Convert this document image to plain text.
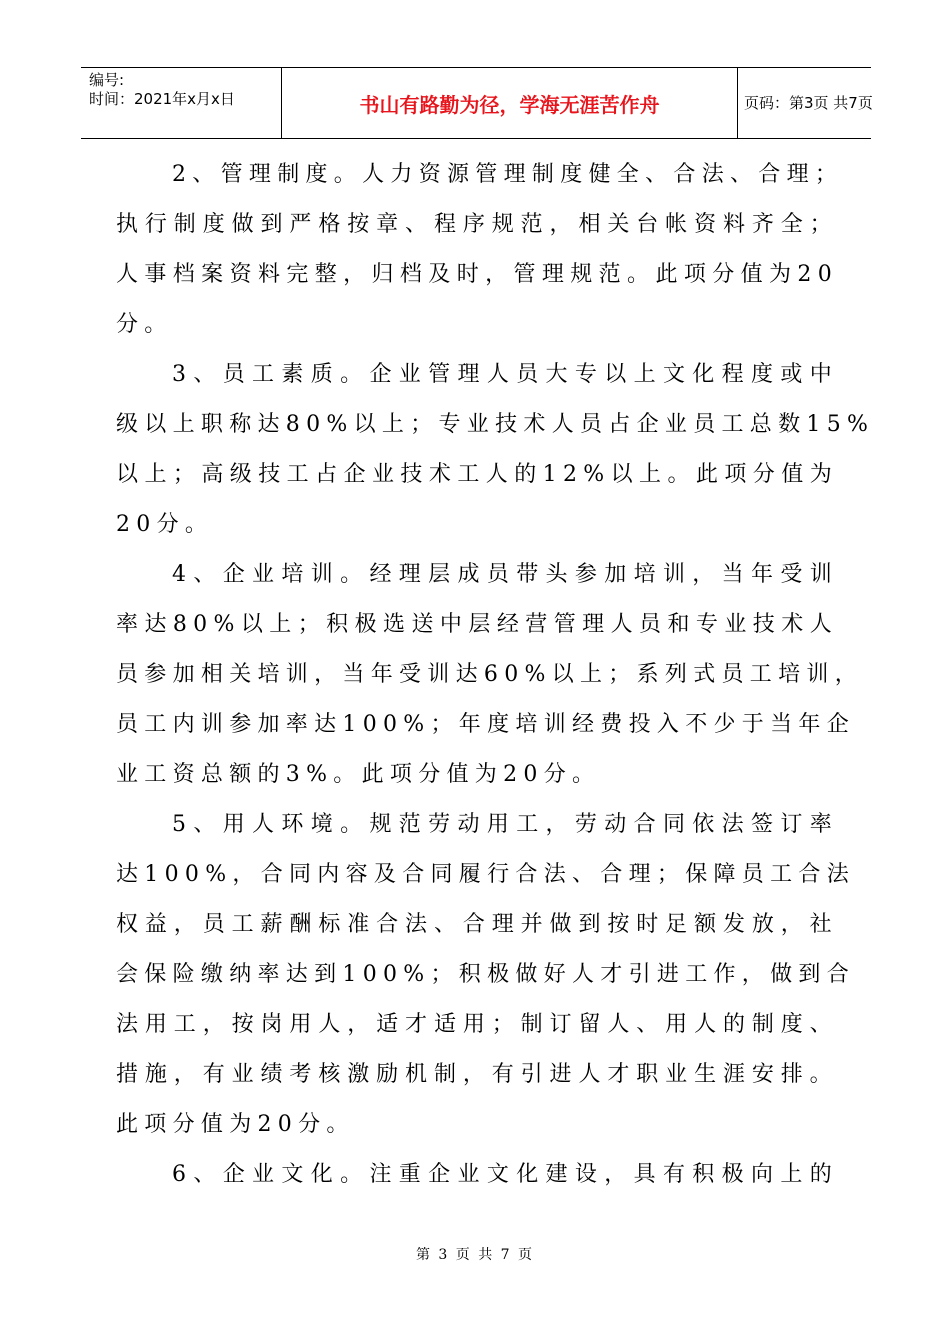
编号:
时间：2021年x月x日	书山有路勤为径，学海无涯苦作舟	页码：第3页 共7页
2、管理制度。人力资源管理制度健全、合法、合理；
执行制度做到严格按章、程序规范，相关台帐资料齐全；
人事档案资料完整，归档及时，管理规范。此项分值为20
分。
3、员工素质。企业管理人员大专以上文化程度或中
级以上职称达80%以上；专业技术人员占企业员工总数15%
以上；高级技工占企业技术工人的12%以上。此项分值为
20分。
4、企业培训。经理层成员带头参加培训，当年受训
率达80%以上；积极选送中层经营管理人员和专业技术人
员参加相关培训，当年受训达60%以上；系列式员工培训，
员工内训参加率达100%；年度培训经费投入不少于当年企
业工资总额的3%。此项分值为20分。
5、用人环境。规范劳动用工，劳动合同依法签订率
达100%，合同内容及合同履行合法、合理；保障员工合法
权益，员工薪酬标准合法、合理并做到按时足额发放，社
会保险缴纳率达到100%；积极做好人才引进工作，做到合
法用工，按岗用人，适才适用；制订留人、用人的制度、
措施，有业绩考核激励机制，有引进人才职业生涯安排。
此项分值为20分。
6、企业文化。注重企业文化建设，具有积极向上的
第 3 页 共 7 页
